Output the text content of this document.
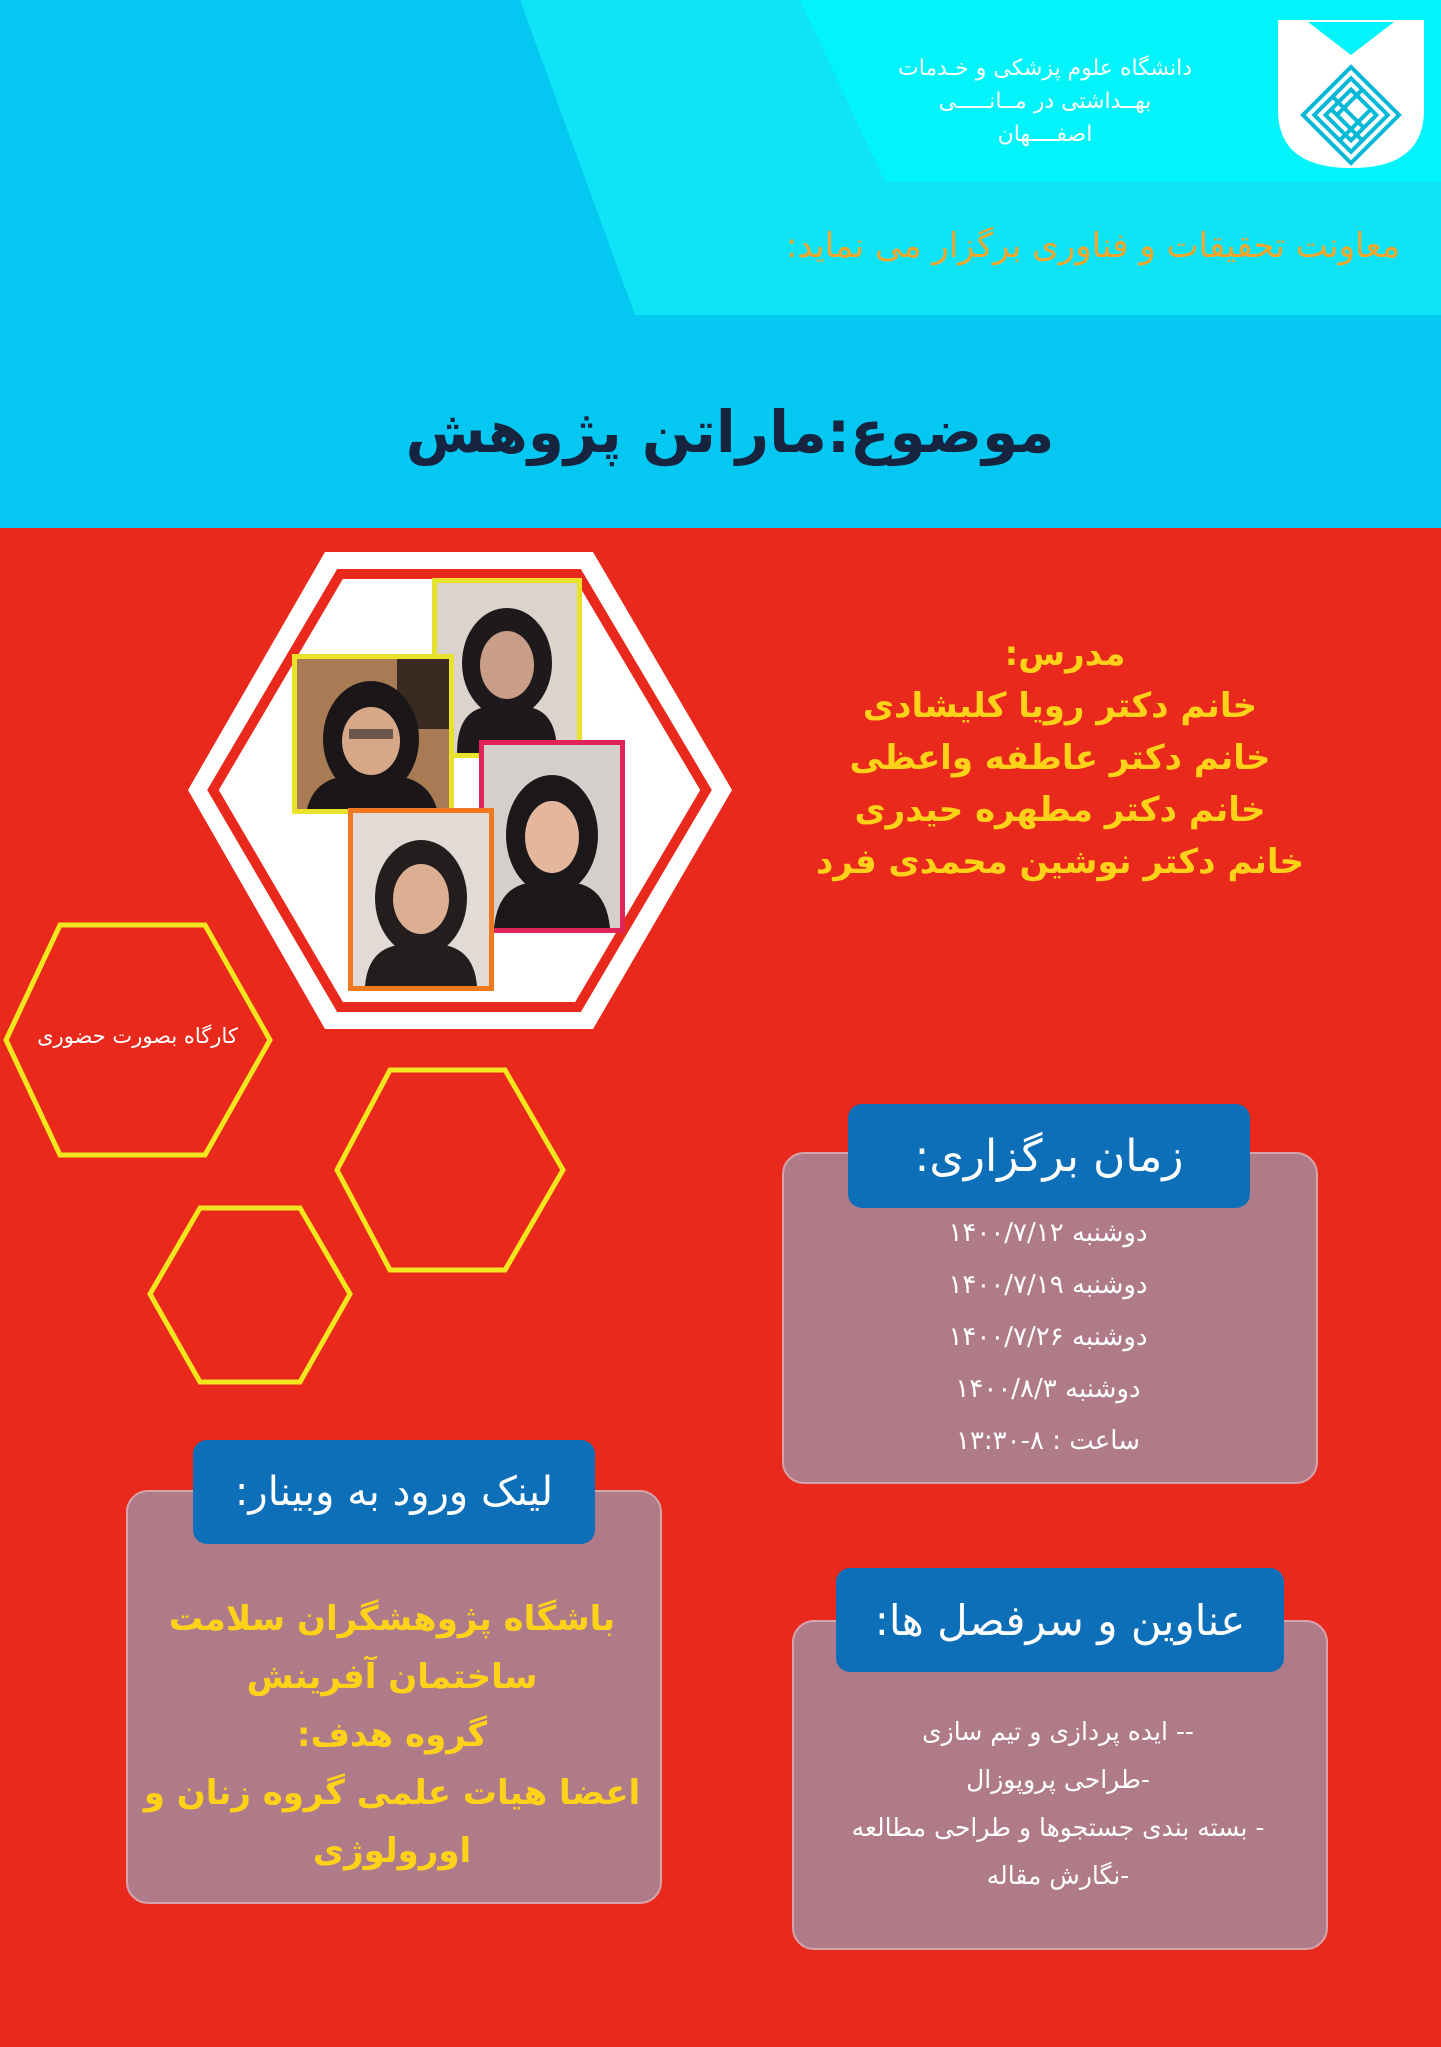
دانشگاه علوم پزشکی و خـدمات
بهــداشتی در مــانـــــی
اصفــــهان
معاونت تحقیقات و فناوری برگزار می نماید:
موضوع:ماراتن پژوهش
مدرس:
خانم دکتر رویا کلیشادی
خانم دکتر عاطفه واعظی
خانم دکتر مطهره حیدری
خانم دکتر نوشین محمدی فرد
کارگاه بصورت حضوری
زمان برگزاری:
دوشنبه ۱۴۰۰/۷/۱۲
دوشنبه ۱۴۰۰/۷/۱۹
دوشنبه ۱۴۰۰/۷/۲۶
دوشنبه ۱۴۰۰/۸/۳
ساعت : ۸-۱۳:۳۰
لینک ورود به وبینار:
باشگاه پژوهشگران سلامت
ساختمان آفرینش
گروه هدف:
اعضا هیات علمی گروه زنان و
اورولوژی
عناوین و سرفصل ها:
-- ایده پردازی و تیم سازی
-طراحی پروپوزال
- بسته بندی جستجوها و طراحی مطالعه
-نگارش مقاله
